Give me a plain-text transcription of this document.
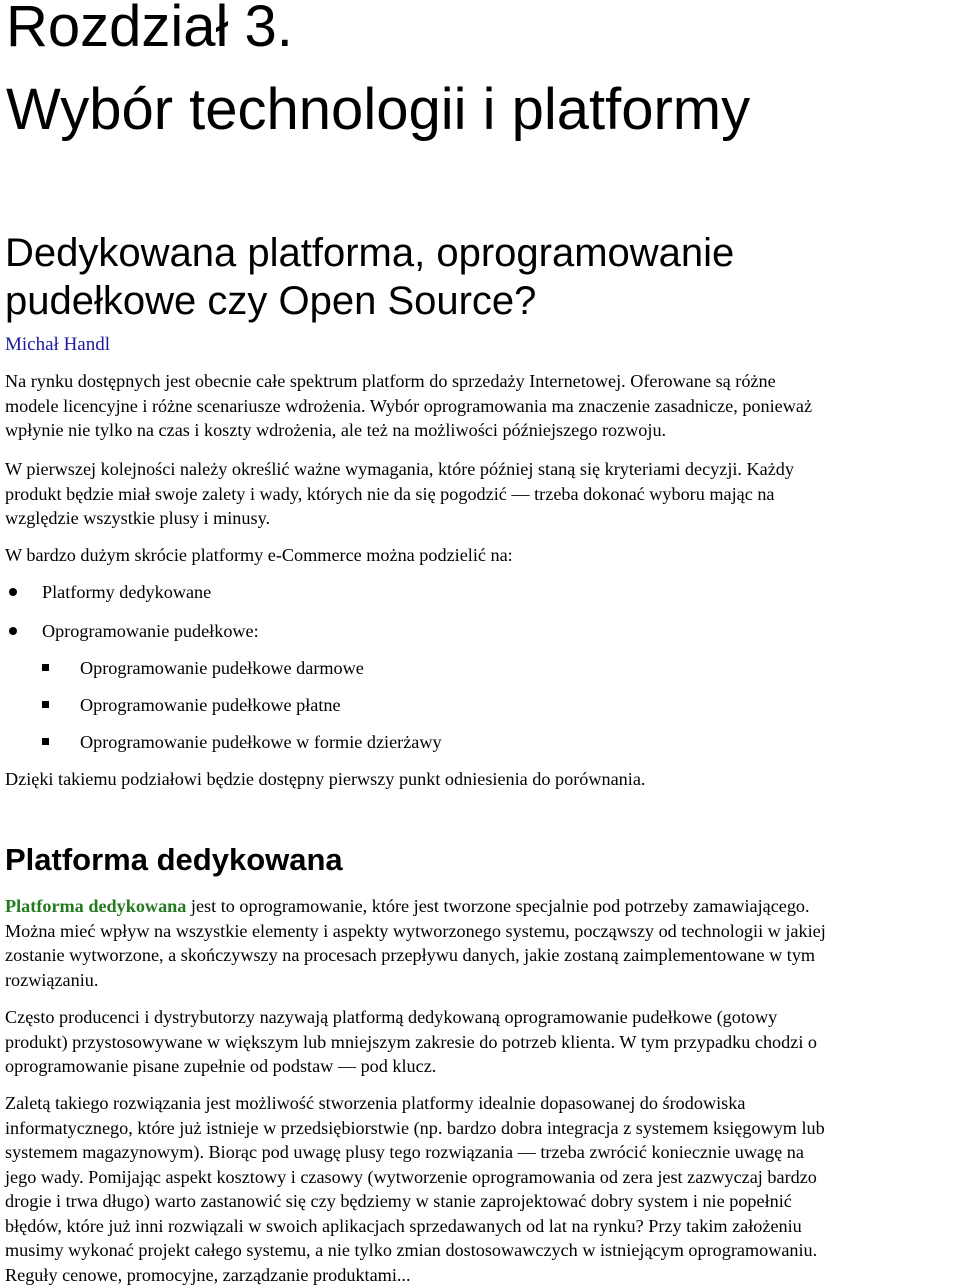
Rozdział 3.
Wybór technologii i platformy
Dedykowana platforma, oprogramowanie
pudełkowe czy Open Source?
Michał Handl

Na rynku dostępnych jest obecnie całe spektrum platform do sprzedaży Internetowej. Oferowane są różne
modele licencyjne i różne scenariusze wdrożenia. Wybór oprogramowania ma znaczenie zasadnicze, ponieważ
wpłynie nie tylko na czas i koszty wdrożenia, ale też na możliwości późniejszego rozwoju.

W pierwszej kolejności należy określić ważne wymagania, które później staną się kryteriami decyzji. Każdy
produkt będzie miał swoje zalety i wady, których nie da się pogodzić — trzeba dokonać wyboru mając na
względzie wszystkie plusy i minusy.

W bardzo dużym skrócie platformy e-Commerce można podzielić na:

Platformy dedykowane
Oprogramowanie pudełkowe:
Oprogramowanie pudełkowe darmowe
Oprogramowanie pudełkowe płatne
Oprogramowanie pudełkowe w formie dzierżawy

Dzięki takiemu podziałowi będzie dostępny pierwszy punkt odniesienia do porównania.

Platforma dedykowana

Platforma dedykowana jest to oprogramowanie, które jest tworzone specjalnie pod potrzeby zamawiającego.
Można mieć wpływ na wszystkie elementy i aspekty wytworzonego systemu, począwszy od technologii w jakiej
zostanie wytworzone, a skończywszy na procesach przepływu danych, jakie zostaną zaimplementowane w tym
rozwiązaniu.

Często producenci i dystrybutorzy nazywają platformą dedykowaną oprogramowanie pudełkowe (gotowy
produkt) przystosowywane w większym lub mniejszym zakresie do potrzeb klienta. W tym przypadku chodzi o
oprogramowanie pisane zupełnie od podstaw — pod klucz.

Zaletą takiego rozwiązania jest możliwość stworzenia platformy idealnie dopasowanej do środowiska
informatycznego, które już istnieje w przedsiębiorstwie (np. bardzo dobra integracja z systemem księgowym lub
systemem magazynowym). Biorąc pod uwagę plusy tego rozwiązania — trzeba zwrócić koniecznie uwagę na
jego wady. Pomijając aspekt kosztowy i czasowy (wytworzenie oprogramowania od zera jest zazwyczaj bardzo
drogie i trwa długo) warto zastanowić się czy będziemy w stanie zaprojektować dobry system i nie popełnić
błędów, które już inni rozwiązali w swoich aplikacjach sprzedawanych od lat na rynku? Przy takim założeniu
musimy wykonać projekt całego systemu, a nie tylko zmian dostosowawczych w istniejącym oprogramowaniu.
Reguły cenowe, promocyjne, zarządzanie produktami...
